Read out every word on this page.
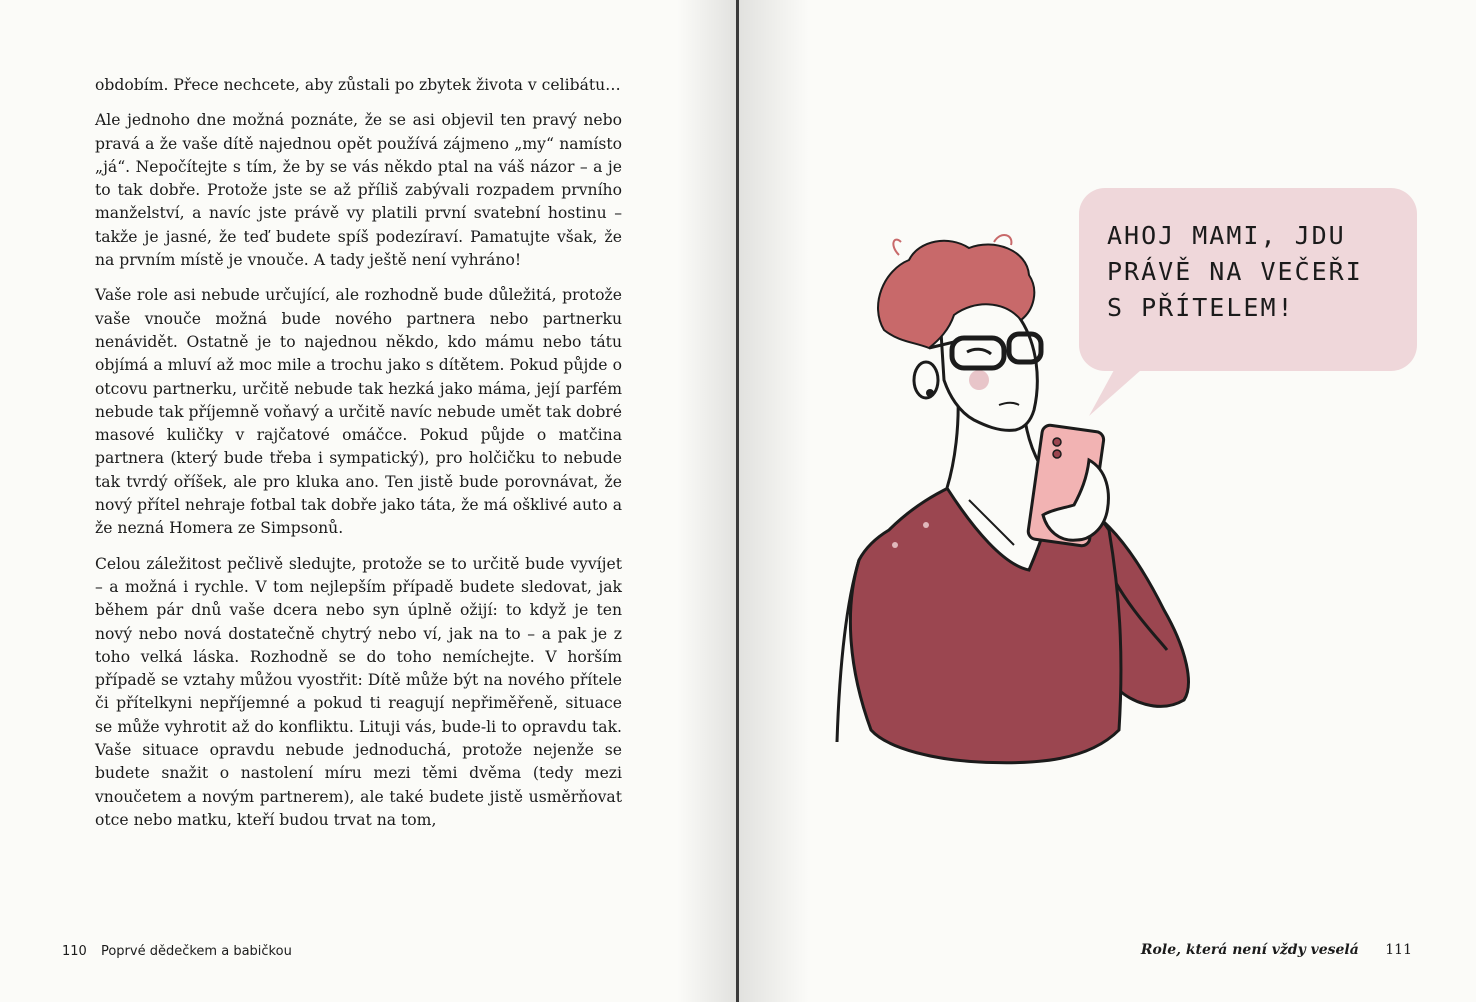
obdobím. Přece nechcete, aby zůstali po zbytek života v celibátu…

Ale jednoho dne možná poznáte, že se asi objevil ten pravý nebo pravá a že vaše dítě najednou opět používá zájmeno „my“ namísto „já“. Nepočítejte s tím, že by se vás někdo ptal na váš názor – a je to tak dobře. Protože jste se až příliš zabývali rozpadem prvního manželství, a navíc jste právě vy platili první svatební hostinu – takže je jasné, že teď budete spíš podezíraví. Pamatujte však, že na prvním místě je vnouče. A tady ještě není vyhráno!

Vaše role asi nebude určující, ale rozhodně bude důležitá, protože vaše vnouče možná bude nového partnera nebo partnerku nenávidět. Ostatně je to najednou někdo, kdo mámu nebo tátu objímá a mluví až moc mile a trochu jako s dítětem. Pokud půjde o otcovu partnerku, určitě nebude tak hezká jako máma, její parfém nebude tak příjemně voňavý a určitě navíc nebude umět tak dobré masové kuličky v rajčatové omáčce. Pokud půjde o matčina partnera (který bude třeba i sympatický), pro holčičku to nebude tak tvrdý oříšek, ale pro kluka ano. Ten jistě bude porovnávat, že nový přítel nehraje fotbal tak dobře jako táta, že má ošklivé auto a že nezná Homera ze Simpsonů.

Celou záležitost pečlivě sledujte, protože se to určitě bude vyvíjet – a možná i rychle. V tom nejlepším případě budete sledovat, jak během pár dnů vaše dcera nebo syn úplně ožijí: to když je ten nový nebo nová dostatečně chytrý nebo ví, jak na to – a pak je z toho velká láska. Rozhodně se do toho nemíchejte. V horším případě se vztahy můžou vyostřit: Dítě může být na nového přítele či přítelkyni nepříjemné a pokud ti reagují nepřiměřeně, situace se může vyhrotit až do konfliktu. Lituji vás, bude-li to opravdu tak. Vaše situace opravdu nebude jednoduchá, protože nejenže se budete snažit o nastolení míru mezi těmi dvěma (tedy mezi vnoučetem a novým partnerem), ale také budete jistě usměrňovat otce nebo matku, kteří budou trvat na tom,

110 Poprvé dědečkem a babičkou
AHOJ MAMI, JDU
PRÁVĚ NA VEČEŘI
S PŘÍTELEM!
Role, která není vždy veselá 111
